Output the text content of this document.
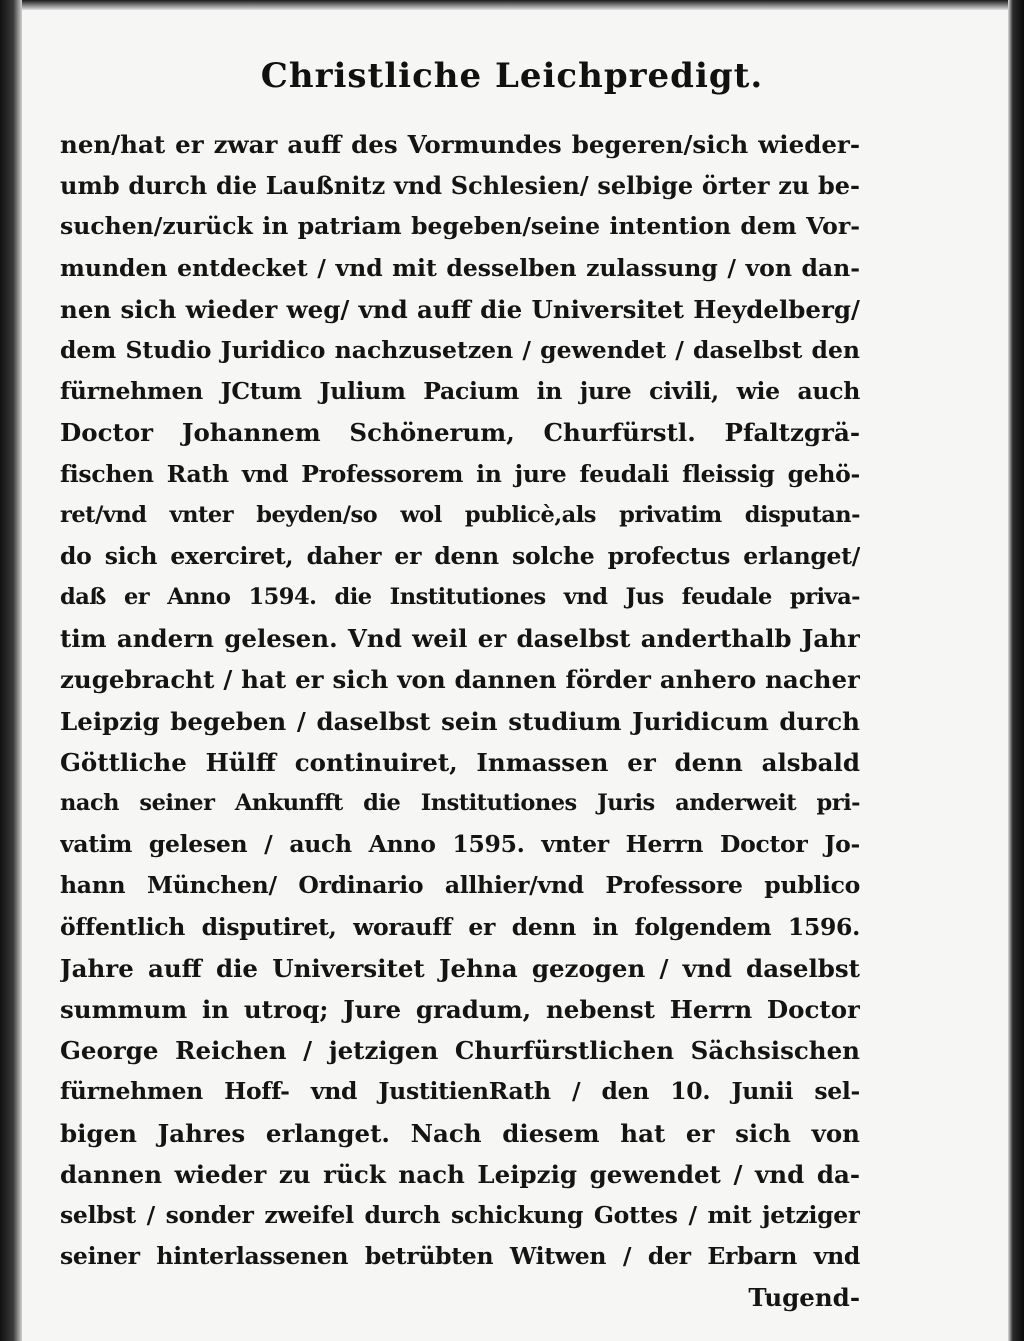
Christliche Leichpredigt.
nen/hat er zwar auff des Vormundes begeren/sich wieder-
umb durch die Laußnitz vnd Schlesien/ selbige örter zu be-
suchen/zurück in patriam begeben/seine intention dem Vor-
munden entdecket / vnd mit desselben zulassung / von dan-
nen sich wieder weg/ vnd auff die Universitet Heydelberg/
dem Studio Juridico nachzusetzen / gewendet / daselbst den
fürnehmen JCtum Julium Pacium in jure civili, wie auch
Doctor Johannem Schönerum, Churfürstl. Pfaltzgrä-
fischen Rath vnd Professorem in jure feudali fleissig gehö-
ret/vnd vnter beyden/so wol publicè,als privatim disputan-
do sich exerciret, daher er denn solche profectus erlanget/
daß er Anno 1594. die Institutiones vnd Jus feudale priva-
tim andern gelesen. Vnd weil er daselbst anderthalb Jahr
zugebracht / hat er sich von dannen förder anhero nacher
Leipzig begeben / daselbst sein studium Juridicum durch
Göttliche Hülff continuiret, Inmassen er denn alsbald
nach seiner Ankunfft die Institutiones Juris anderweit pri-
vatim gelesen / auch Anno 1595. vnter Herrn Doctor Jo-
hann München/ Ordinario allhier/vnd Professore publico
öffentlich disputiret, worauff er denn in folgendem 1596.
Jahre auff die Universitet Jehna gezogen / vnd daselbst
summum in utroq; Jure gradum, nebenst Herrn Doctor
George Reichen / jetzigen Churfürstlichen Sächsischen
fürnehmen Hoff- vnd JustitienRath / den 10. Junii sel-
bigen Jahres erlanget. Nach diesem hat er sich von
dannen wieder zu rück nach Leipzig gewendet / vnd da-
selbst / sonder zweifel durch schickung Gottes / mit jetziger
seiner hinterlassenen betrübten Witwen / der Erbarn vnd
Tugend-
